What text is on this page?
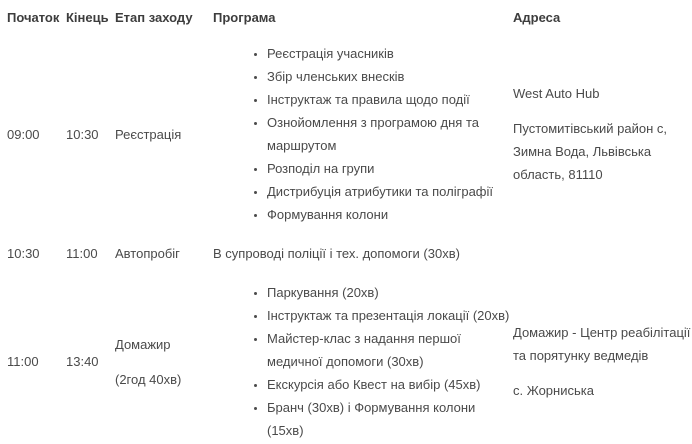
Початок Кінець Етап заходу Програма	Адреса
09:00 10:30 Реєстрація

• Реєстрація учасників
• Збір членських внесків
• Інструктаж та правила щодо події
• Ознойомлення з програмою дня та маршрутом
• Розподіл на групи
• Дистрибуція атрибутики та поліграфії
• Формування колони

West Auto Hub

Пустомитівський район с, Зимна Вода, Львівська область, 81110

10:30 11:00 Автопробіг	В супроводі поліції і тех. допомоги (30хв)
11:00 13:40

Домажир

(2год 40хв)

• Паркування (20хв)
• Інструктаж та презентація локації (20хв)
• Майстер-клас з надання першої медичної допомоги (30хв)
• Екскурсія або Квест на вибір (45хв)
• Бранч (30хв) і Формування колони (15хв)

Домажир - Центр реабілітації та порятунку ведмедів

с. Жорниська
